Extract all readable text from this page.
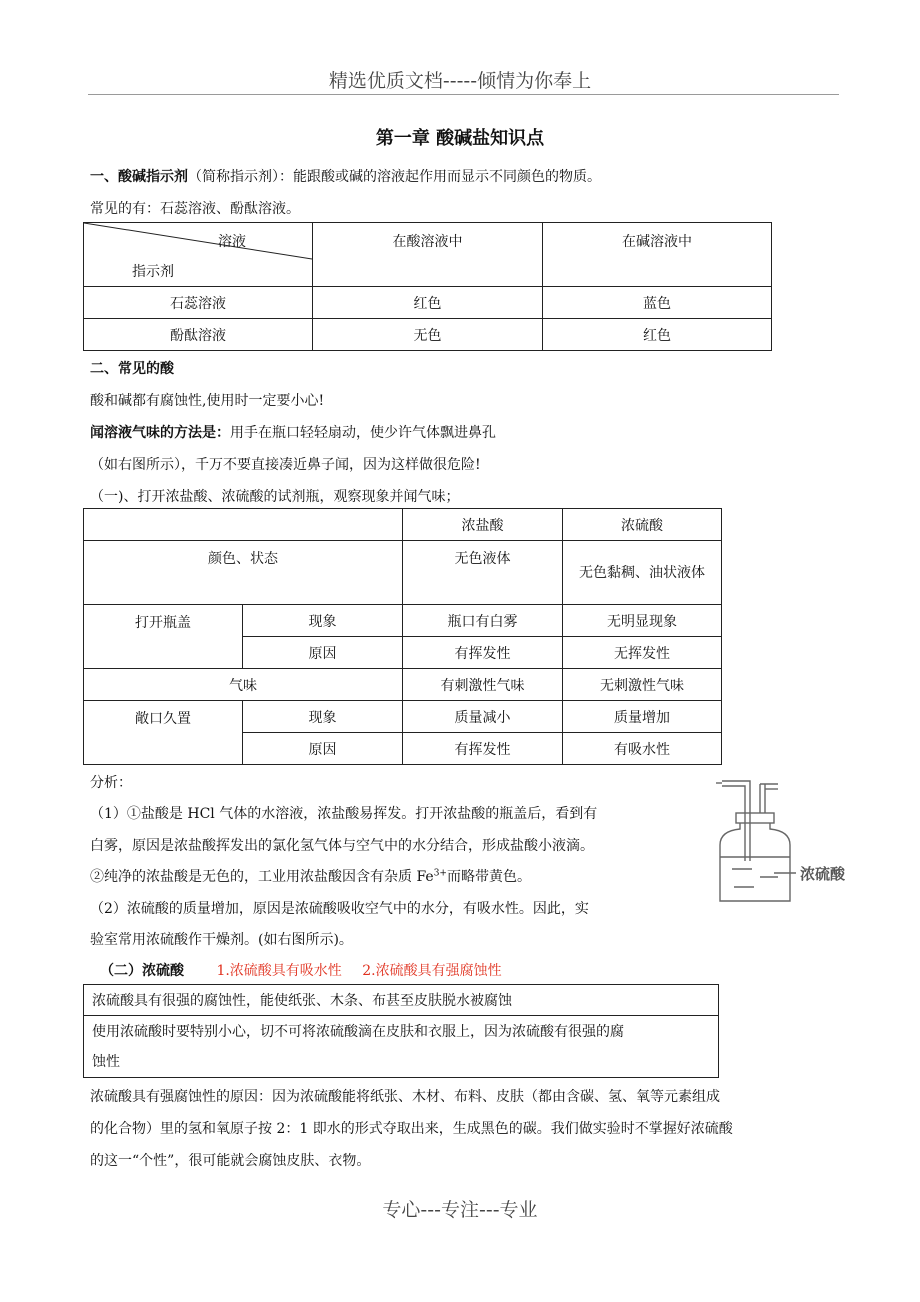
精选优质文档-----倾情为你奉上
第一章 酸碱盐知识点
一、酸碱指示剂（简称指示剂）：能跟酸或碱的溶液起作用而显示不同颜色的物质。
常见的有：石蕊溶液、酚酞溶液。
溶液
指示剂	在酸溶液中	在碱溶液中
石蕊溶液	红色	蓝色
酚酞溶液	无色	红色
二、常见的酸
酸和碱都有腐蚀性,使用时一定要小心!
闻溶液气味的方法是：用手在瓶口轻轻扇动，使少许气体飘进鼻孔
（如右图所示），千万不要直接凑近鼻子闻，因为这样做很危险!
（一)、打开浓盐酸、浓硫酸的试剂瓶，观察现象并闻气味；
		浓盐酸	浓硫酸
颜色、状态		无色液体	无色黏稠、油状液体
打开瓶盖	现象	瓶口有白雾	无明显现象
	原因	有挥发性	无挥发性
气味		有刺激性气味	无刺激性气味
敞口久置	现象	质量减小	质量增加
	原因	有挥发性	有吸水性
分析：
（1）①盐酸是 HCl 气体的水溶液，浓盐酸易挥发。打开浓盐酸的瓶盖后，看到有
白雾，原因是浓盐酸挥发出的氯化氢气体与空气中的水分结合，形成盐酸小液滴。
②纯净的浓盐酸是无色的，工业用浓盐酸因含有杂质 $Fe^{3+}$而略带黄色。
（2）浓硫酸的质量增加，原因是浓硫酸吸收空气中的水分，有吸水性。因此，实
验室常用浓硫酸作干燥剂。(如右图所示)。
浓硫酸
（二）浓硫酸 1.浓硫酸具有吸水性 2.浓硫酸具有强腐蚀性
浓硫酸具有很强的腐蚀性，能使纸张、木条、布甚至皮肤脱水被腐蚀

使用浓硫酸时要特别小心，切不可将浓硫酸滴在皮肤和衣服上，因为浓硫酸有很强的腐
蚀性
浓硫酸具有强腐蚀性的原因：因为浓硫酸能将纸张、木材、布料、皮肤（都由含碳、氢、氧等元素组成
的化合物）里的氢和氧原子按 2：1 即水的形式夺取出来，生成黑色的碳。我们做实验时不掌握好浓硫酸
的这一“个性”，很可能就会腐蚀皮肤、衣物。
专心---专注---专业
